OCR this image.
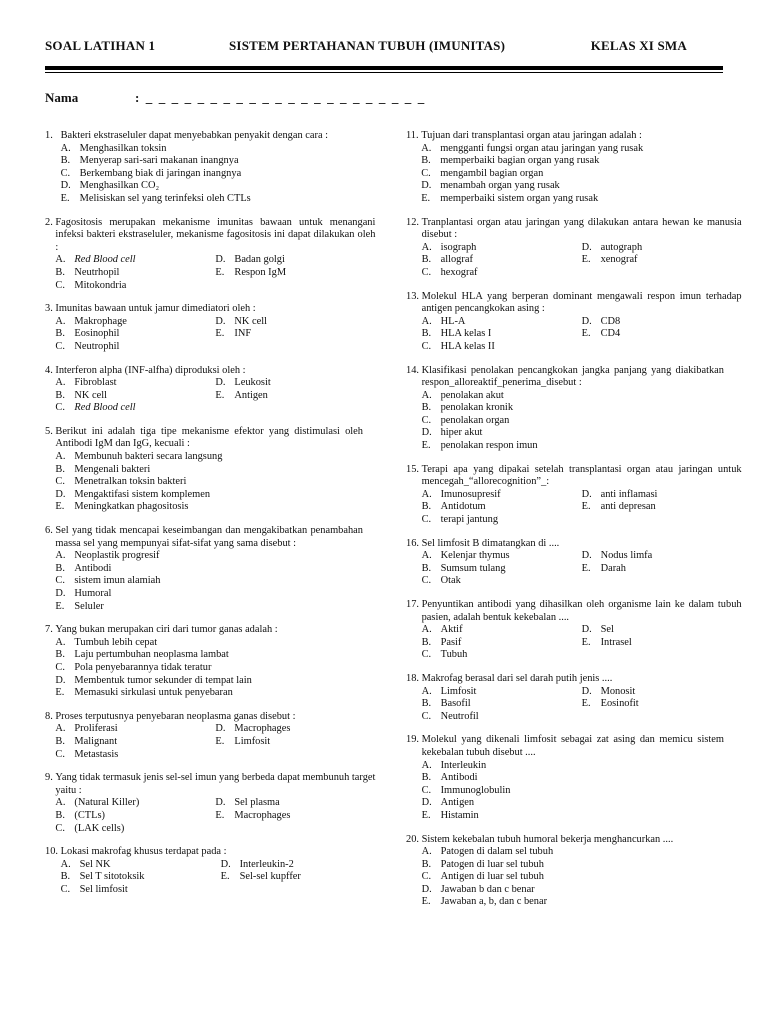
SOAL LATIHAN 1	SISTEM PERTAHANAN TUBUH (IMUNITAS)	KELAS XI SMA
Nama	: _ _ _ _ _ _ _ _ _ _ _ _ _ _ _ _ _ _ _ _ _ _
1. Bakteri ekstraseluler dapat menyebabkan penyakit dengan cara :
A. Menghasilkan toksin
B. Menyerap sari-sari makanan inangnya
C. Berkembang biak di jaringan inangnya
D. Menghasilkan CO₂
E. Melisiskan sel yang terinfeksi oleh CTLs
2. Fagositosis merupakan mekanisme imunitas bawaan untuk menangani infeksi bakteri ekstraseluler, mekanisme fagositosis ini dapat dilakukan oleh :
A. Red Blood cell	D. Badan golgi
B. Neutrhopil	E. Respon IgM
C. Mitokondria
3. Imunitas bawaan untuk jamur dimediatori oleh :
A. Makrophage	D. NK cell
B. Eosinophil	E. INF
C. Neutrophil
4. Interferon alpha (INF-alfha) diproduksi oleh :
A. Fibroblast	D. Leukosit
B. NK cell	E. Antigen
C. Red Blood cell
5. Berikut ini adalah tiga tipe mekanisme efektor yang distimulasi oleh Antibodi IgM dan IgG, kecuali :
A. Membunuh bakteri secara langsung
B. Mengenali bakteri
C. Menetralkan toksin bakteri
D. Mengaktifasi sistem komplemen
E. Meningkatkan phagositosis
6. Sel yang tidak mencapai keseimbangan dan mengakibatkan penambahan massa sel yang mempunyai sifat-sifat yang sama disebut :
A. Neoplastik progresif
B. Antibodi
C. sistem imun alamiah
D. Humoral
E. Seluler
7. Yang bukan merupakan ciri dari tumor ganas adalah :
A. Tumbuh lebih cepat
B. Laju pertumbuhan neoplasma lambat
C. Pola penyebarannya tidak teratur
D. Membentuk tumor sekunder di tempat lain
E. Memasuki sirkulasi untuk penyebaran
8. Proses terputusnya penyebaran neoplasma ganas disebut :
A. Proliferasi	D. Macrophages
B. Malignant	E. Limfosit
C. Metastasis
9. Yang tidak termasuk jenis sel-sel imun yang berbeda dapat membunuh target yaitu :
A. (Natural Killer)	D. Sel plasma
B. (CTLs)	E. Macrophages
C. (LAK cells)
10. Lokasi makrofag khusus terdapat pada :
A. Sel NK	D. Interleukin-2
B. Sel T sitotoksik	E. Sel-sel kupffer
C. Sel limfosit
11. Tujuan dari transplantasi organ atau jaringan adalah :
A. mengganti fungsi organ atau jaringan yang rusak
B. memperbaiki bagian organ yang rusak
C. mengambil bagian organ
D. menambah organ yang rusak
E. memperbaiki sistem organ yang rusak
12. Tranplantasi organ atau jaringan yang dilakukan antara hewan ke manusia disebut :
A. isograph	D. autograph
B. allograf	E. xenograf
C. hexograf
13. Molekul HLA yang berperan dominant mengawali respon imun terhadap antigen pencangkokan asing :
A. HL-A	D. CD8
B. HLA kelas I	E. CD4
C. HLA kelas II
14. Klasifikasi penolakan pencangkokan jangka panjang yang diakibatkan respon_alloreaktif_penerima_disebut :
A. penolakan akut
B. penolakan kronik
C. penolakan organ
D. hiper akut
E. penolakan respon imun
15. Terapi apa yang dipakai setelah transplantasi organ atau jaringan untuk mencegah_“allorecognition”_:
A. Imunosupresif	D. anti inflamasi
B. Antidotum	E. anti depresan
C. terapi jantung
16. Sel limfosit B dimatangkan di ....
A. Kelenjar thymus	D. Nodus limfa
B. Sumsum tulang	E. Darah
C. Otak
17. Penyuntikan antibodi yang dihasilkan oleh organisme lain ke dalam tubuh pasien, adalah bentuk kekebalan ....
A. Aktif	D. Sel
B. Pasif	E. Intrasel
C. Tubuh
18. Makrofag berasal dari sel darah putih jenis ....
A. Limfosit	D. Monosit
B. Basofil	E. Eosinofit
C. Neutrofil
19. Molekul yang dikenali limfosit sebagai zat asing dan memicu sistem kekebalan tubuh disebut ....
A. Interleukin
B. Antibodi
C. Immunoglobulin
D. Antigen
E. Histamin
20. Sistem kekebalan tubuh humoral bekerja menghancurkan ....
A. Patogen di dalam sel tubuh
B. Patogen di luar sel tubuh
C. Antigen di luar sel tubuh
D. Jawaban b dan c benar
E. Jawaban a, b, dan c benar
